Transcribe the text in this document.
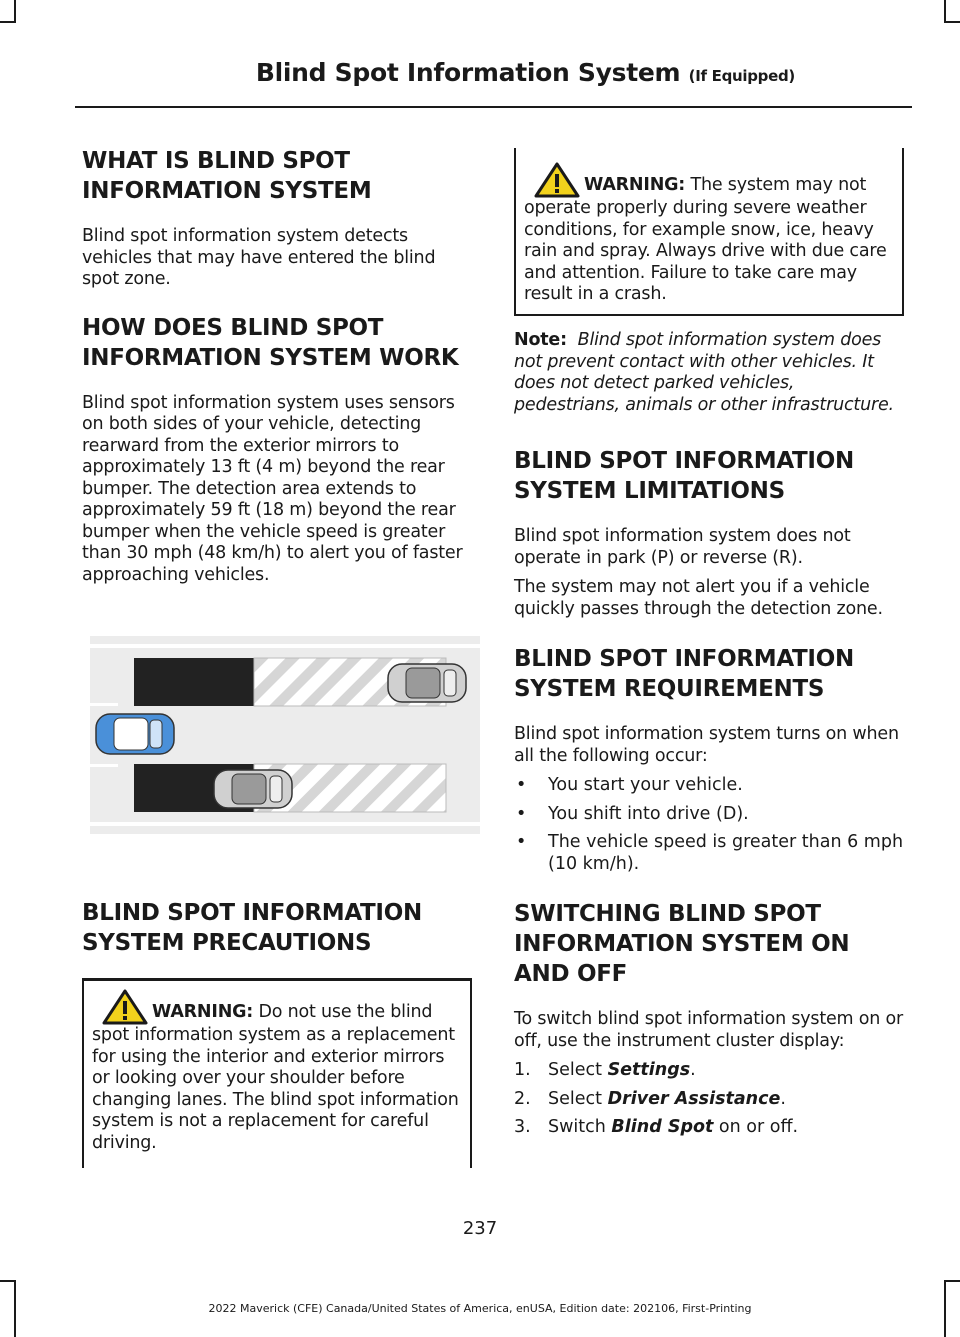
Blind Spot Information System (If Equipped)
WHAT IS BLIND SPOT
INFORMATION SYSTEM

Blind spot information system detects vehicles that may have entered the blind spot zone.

HOW DOES BLIND SPOT
INFORMATION SYSTEM WORK

Blind spot information system uses sensors on both sides of your vehicle, detecting rearward from the exterior mirrors to approximately 13 ft (4 m) beyond the rear bumper. The detection area extends to approximately 59 ft (18 m) beyond the rear bumper when the vehicle speed is greater than 30 mph (48 km/h) to alert you of faster approaching vehicles.

BLIND SPOT INFORMATION
SYSTEM PRECAUTIONS
WARNING: Do not use the blind spot information system as a replacement for using the interior and exterior mirrors or looking over your shoulder before changing lanes. The blind spot information system is not a replacement for careful driving.
WARNING: The system may not operate properly during severe weather conditions, for example snow, ice, heavy rain and spray. Always drive with due care and attention. Failure to take care may result in a crash.

Note: Blind spot information system does not prevent contact with other vehicles. It does not detect parked vehicles, pedestrians, animals or other infrastructure.

BLIND SPOT INFORMATION
SYSTEM LIMITATIONS

Blind spot information system does not operate in park (P) or reverse (R).

The system may not alert you if a vehicle quickly passes through the detection zone.

BLIND SPOT INFORMATION
SYSTEM REQUIREMENTS

Blind spot information system turns on when all the following occur:

• You start your vehicle.
• You shift into drive (D).
• The vehicle speed is greater than 6 mph (10 km/h).
SWITCHING BLIND SPOT
INFORMATION SYSTEM ON
AND OFF

To switch blind spot information system on or off, use the instrument cluster display:

1. Select Settings.
2. Select Driver Assistance.
3. Switch Blind Spot on or off.
237
2022 Maverick (CFE) Canada/United States of America, enUSA, Edition date: 202106, First-Printing
